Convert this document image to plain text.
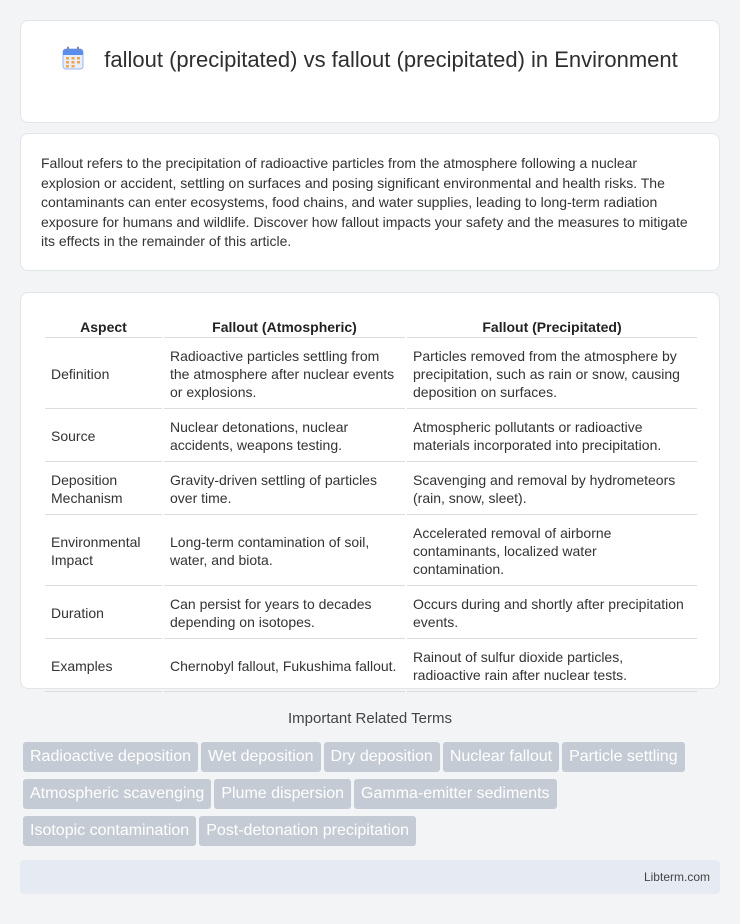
fallout (precipitated) vs fallout (precipitated) in Environment

Fallout refers to the precipitation of radioactive particles from the atmosphere following a nuclear explosion or accident, settling on surfaces and posing significant environmental and health risks. The contaminants can enter ecosystems, food chains, and water supplies, leading to long-term radiation exposure for humans and wildlife. Discover how fallout impacts your safety and the measures to mitigate its effects in the remainder of this article.

Aspect	Fallout (Atmospheric)	Fallout (Precipitated)
Definition	Radioactive particles settling from the atmosphere after nuclear events or explosions.	Particles removed from the atmosphere by precipitation, such as rain or snow, causing deposition on surfaces.
Source	Nuclear detonations, nuclear accidents, weapons testing.	Atmospheric pollutants or radioactive materials incorporated into precipitation.
Deposition Mechanism	Gravity-driven settling of particles over time.	Scavenging and removal by hydrometeors (rain, snow, sleet).
Environmental Impact	Long-term contamination of soil, water, and biota.	Accelerated removal of airborne contaminants, localized water contamination.
Duration	Can persist for years to decades depending on isotopes.	Occurs during and shortly after precipitation events.
Examples	Chernobyl fallout, Fukushima fallout.	Rainout of sulfur dioxide particles, radioactive rain after nuclear tests.
Important Related Terms
Radioactive deposition Wet deposition Dry deposition Nuclear fallout Particle settlingAtmospheric scavenging Plume dispersion Gamma-emitter sedimentsIsotopic contamination Post-detonation precipitation
Libterm.com
